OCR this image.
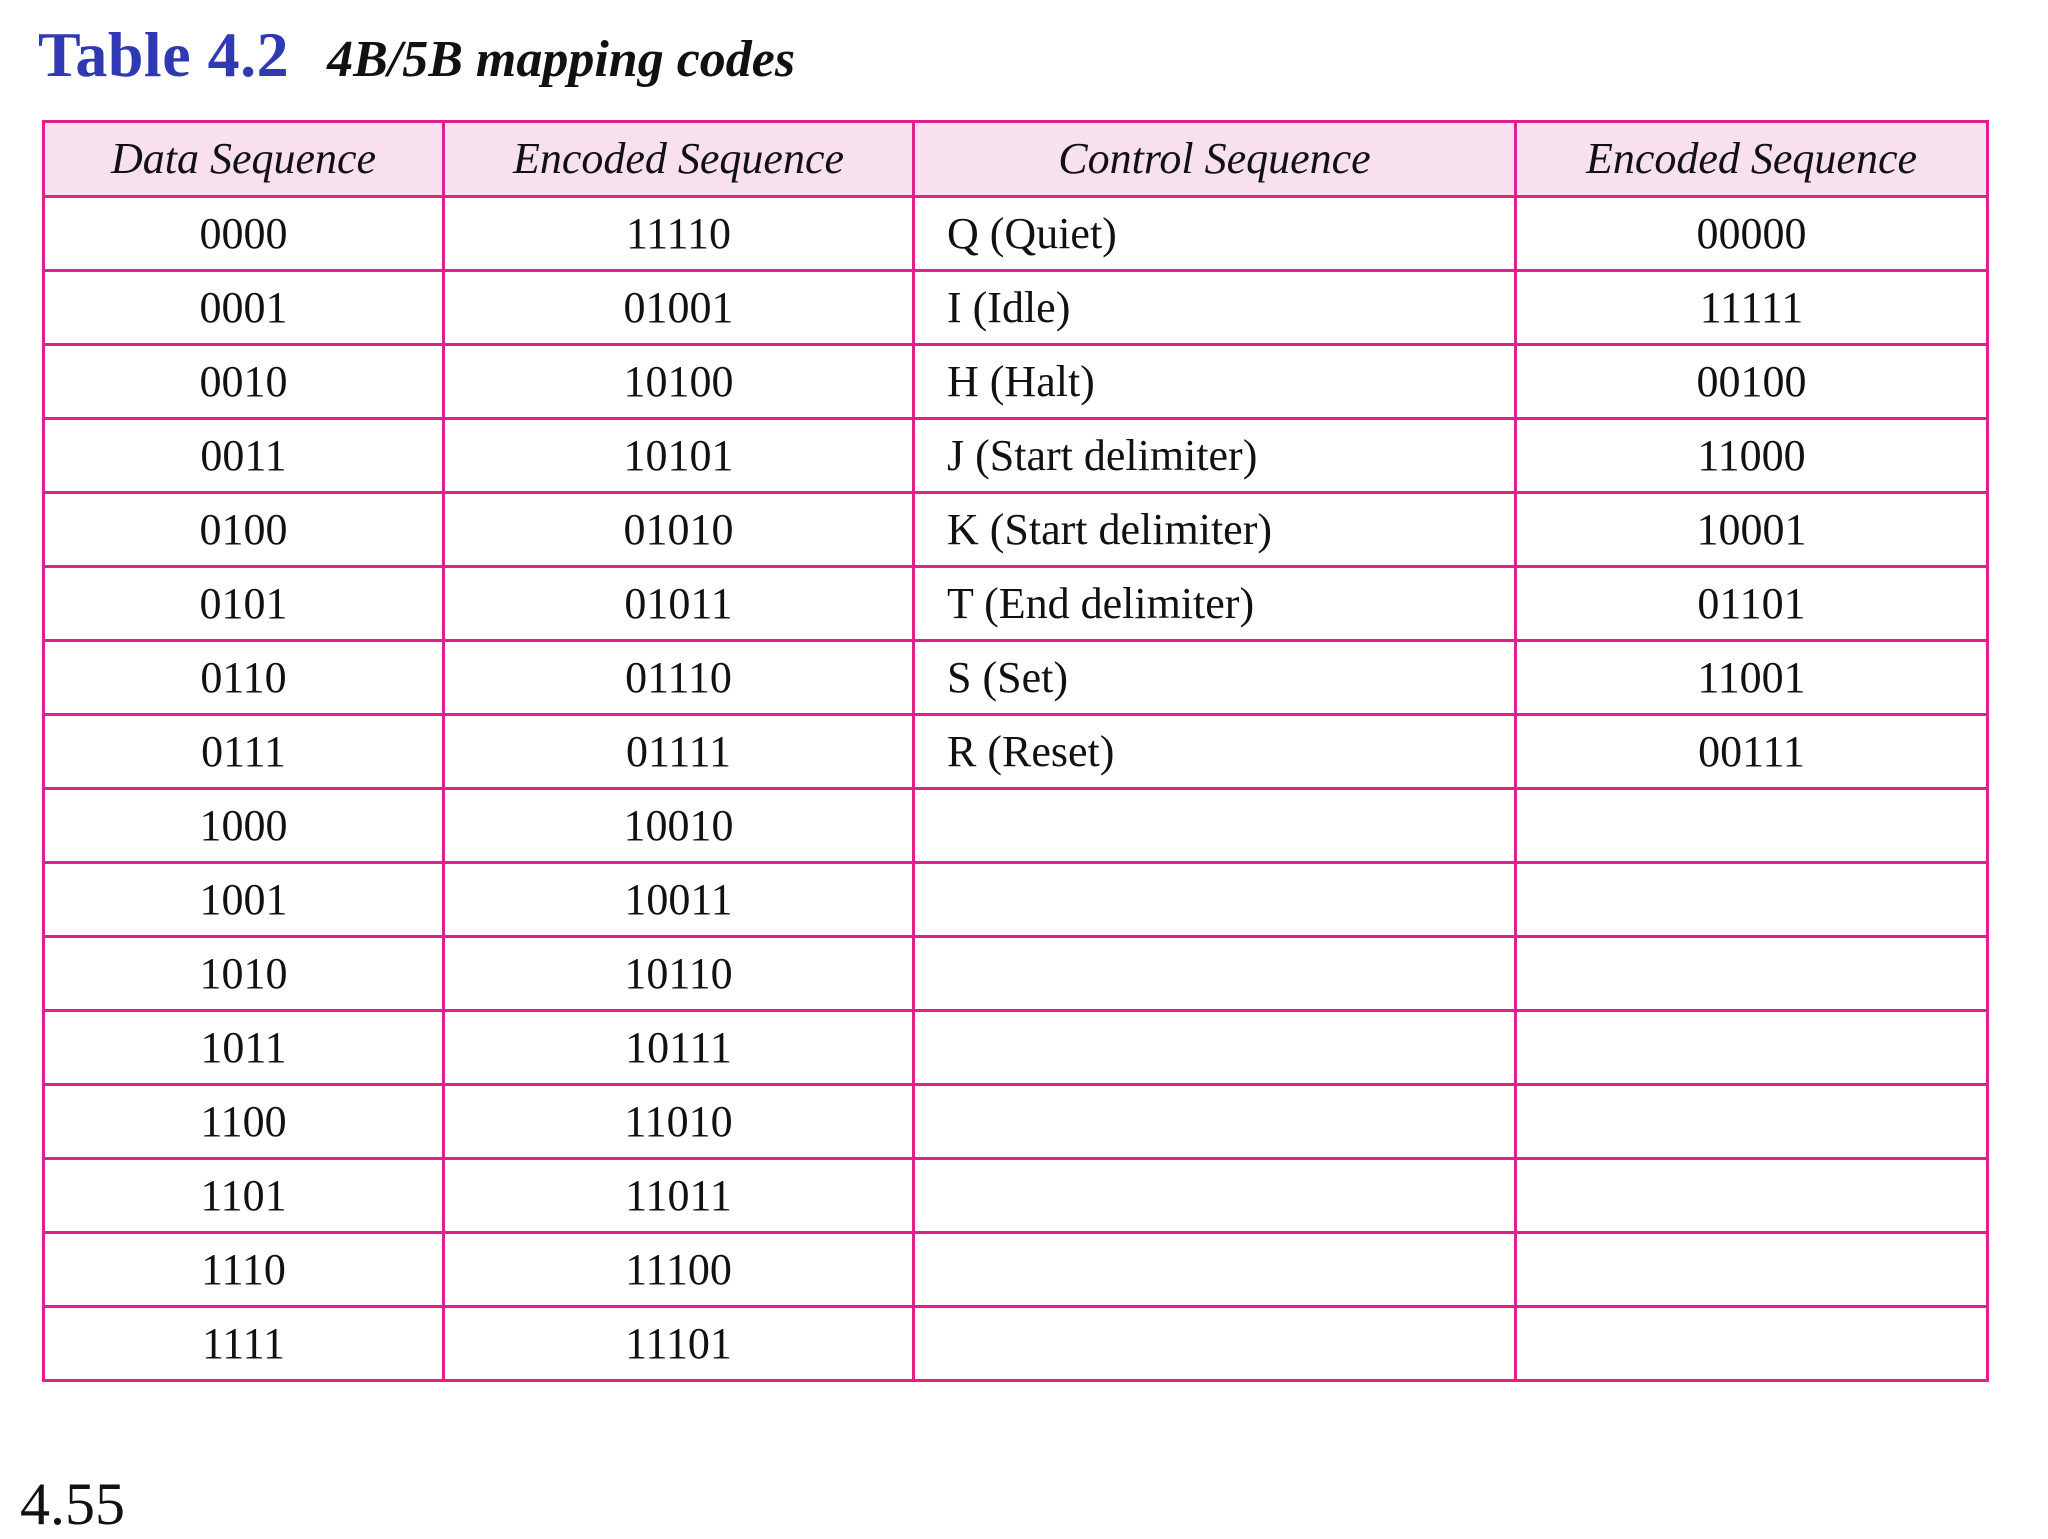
Table 4.2 4B/5B mapping codes
Data Sequence	Encoded Sequence	Control Sequence	Encoded Sequence
0000	11110	Q (Quiet)	00000
0001	01001	I (Idle)	11111
0010	10100	H (Halt)	00100
0011	10101	J (Start delimiter)	11000
0100	01010	K (Start delimiter)	10001
0101	01011	T (End delimiter)	01101
0110	01110	S (Set)	11001
0111	01111	R (Reset)	00111
1000	10010		
1001	10011		
1010	10110		
1011	10111		
1100	11010		
1101	11011		
1110	11100		
1111	11101		
4.55
